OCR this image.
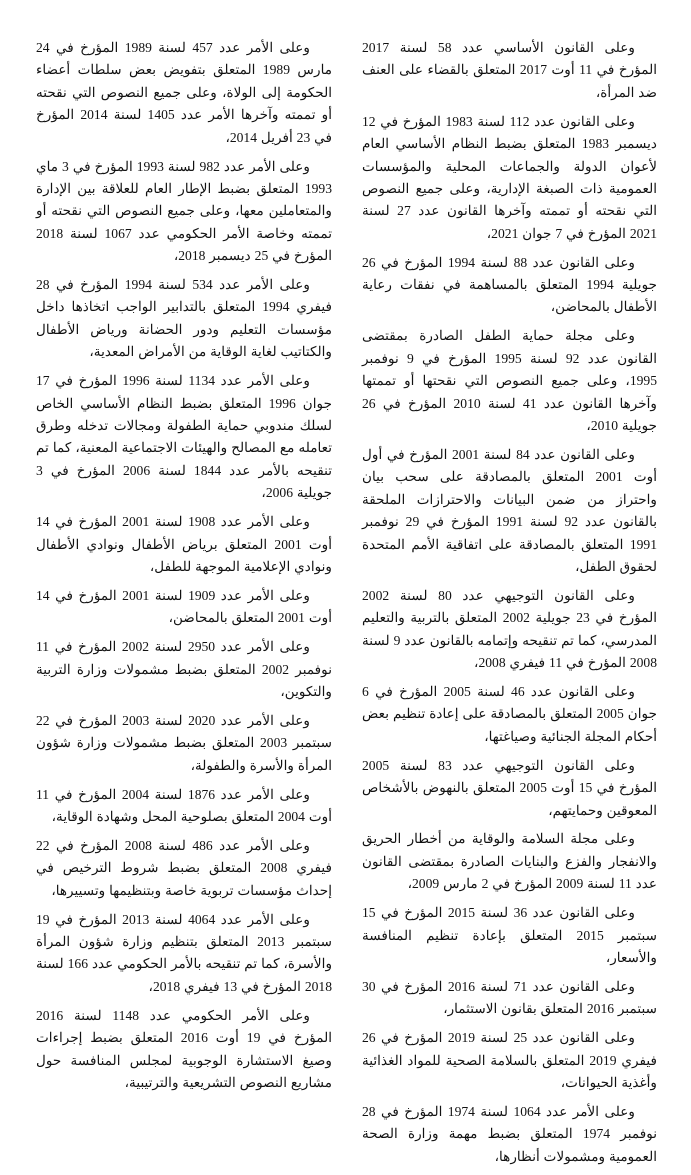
وعلى القانون الأساسي عدد 58 لسنة 2017 المؤرخ في 11 أوت 2017 المتعلق بالقضاء على العنف ضد المرأة،

وعلى القانون عدد 112 لسنة 1983 المؤرخ في 12 ديسمبر 1983 المتعلق بضبط النظام الأساسي العام لأعوان الدولة والجماعات المحلية والمؤسسات العمومية ذات الصبغة الإدارية، وعلى جميع النصوص التي نقحته أو تممته وآخرها القانون عدد 27 لسنة 2021 المؤرخ في 7 جوان 2021،

وعلى القانون عدد 88 لسنة 1994 المؤرخ في 26 جويلية 1994 المتعلق بالمساهمة في نفقات رعاية الأطفال بالمحاضن،

وعلى مجلة حماية الطفل الصادرة بمقتضى القانون عدد 92 لسنة 1995 المؤرخ في 9 نوفمبر 1995، وعلى جميع النصوص التي نقحتها أو تممتها وآخرها القانون عدد 41 لسنة 2010 المؤرخ في 26 جويلية 2010،

وعلى القانون عدد 84 لسنة 2001 المؤرخ في أول أوت 2001 المتعلق بالمصادقة على سحب بيان واحتراز من ضمن البيانات والاحترازات الملحقة بالقانون عدد 92 لسنة 1991 المؤرخ في 29 نوفمبر 1991 المتعلق بالمصادقة على اتفاقية الأمم المتحدة لحقوق الطفل،

وعلى القانون التوجيهي عدد 80 لسنة 2002 المؤرخ في 23 جويلية 2002 المتعلق بالتربية والتعليم المدرسي، كما تم تنقيحه وإتمامه بالقانون عدد 9 لسنة 2008 المؤرخ في 11 فيفري 2008،

وعلى القانون عدد 46 لسنة 2005 المؤرخ في 6 جوان 2005 المتعلق بالمصادقة على إعادة تنظيم بعض أحكام المجلة الجنائية وصياغتها،

وعلى القانون التوجيهي عدد 83 لسنة 2005 المؤرخ في 15 أوت 2005 المتعلق بالنهوض بالأشخاص المعوقين وحمايتهم،

وعلى مجلة السلامة والوقاية من أخطار الحريق والانفجار والفزع والبنايات الصادرة بمقتضى القانون عدد 11 لسنة 2009 المؤرخ في 2 مارس 2009،

وعلى القانون عدد 36 لسنة 2015 المؤرخ في 15 سبتمبر 2015 المتعلق بإعادة تنظيم المنافسة والأسعار،

وعلى القانون عدد 71 لسنة 2016 المؤرخ في 30 سبتمبر 2016 المتعلق بقانون الاستثمار،

وعلى القانون عدد 25 لسنة 2019 المؤرخ في 26 فيفري 2019 المتعلق بالسلامة الصحية للمواد الغذائية وأغذية الحيوانات،

وعلى الأمر عدد 1064 لسنة 1974 المؤرخ في 28 نوفمبر 1974 المتعلق بضبط مهمة وزارة الصحة العمومية ومشمولات أنظارها،

وعلى الأمر عدد 457 لسنة 1989 المؤرخ في 24 مارس 1989 المتعلق بتفويض بعض سلطات أعضاء الحكومة إلى الولاة، وعلى جميع النصوص التي نقحته أو تممته وآخرها الأمر عدد 1405 لسنة 2014 المؤرخ في 23 أفريل 2014،

وعلى الأمر عدد 982 لسنة 1993 المؤرخ في 3 ماي 1993 المتعلق بضبط الإطار العام للعلاقة بين الإدارة والمتعاملين معها، وعلى جميع النصوص التي نقحته أو تممته وخاصة الأمر الحكومي عدد 1067 لسنة 2018 المؤرخ في 25 ديسمبر 2018،

وعلى الأمر عدد 534 لسنة 1994 المؤرخ في 28 فيفري 1994 المتعلق بالتدابير الواجب اتخاذها داخل مؤسسات التعليم ودور الحضانة ورياض الأطفال والكتاتيب لغاية الوقاية من الأمراض المعدية،

وعلى الأمر عدد 1134 لسنة 1996 المؤرخ في 17 جوان 1996 المتعلق بضبط النظام الأساسي الخاص لسلك مندوبي حماية الطفولة ومجالات تدخله وطرق تعامله مع المصالح والهيئات الاجتماعية المعنية، كما تم تنقيحه بالأمر عدد 1844 لسنة 2006 المؤرخ في 3 جويلية 2006،

وعلى الأمر عدد 1908 لسنة 2001 المؤرخ في 14 أوت 2001 المتعلق برياض الأطفال ونوادي الأطفال ونوادي الإعلامية الموجهة للطفل،

وعلى الأمر عدد 1909 لسنة 2001 المؤرخ في 14 أوت 2001 المتعلق بالمحاضن،

وعلى الأمر عدد 2950 لسنة 2002 المؤرخ في 11 نوفمبر 2002 المتعلق بضبط مشمولات وزارة التربية والتكوين،

وعلى الأمر عدد 2020 لسنة 2003 المؤرخ في 22 سبتمبر 2003 المتعلق بضبط مشمولات وزارة شؤون المرأة والأسرة والطفولة،

وعلى الأمر عدد 1876 لسنة 2004 المؤرخ في 11 أوت 2004 المتعلق بصلوحية المحل وشهادة الوقاية،

وعلى الأمر عدد 486 لسنة 2008 المؤرخ في 22 فيفري 2008 المتعلق بضبط شروط الترخيص في إحداث مؤسسات تربوية خاصة وبتنظيمها وتسييرها،

وعلى الأمر عدد 4064 لسنة 2013 المؤرخ في 19 سبتمبر 2013 المتعلق بتنظيم وزارة شؤون المرأة والأسرة، كما تم تنقيحه بالأمر الحكومي عدد 166 لسنة 2018 المؤرخ في 13 فيفري 2018،

وعلى الأمر الحكومي عدد 1148 لسنة 2016 المؤرخ في 19 أوت 2016 المتعلق بضبط إجراءات وصيغ الاستشارة الوجوبية لمجلس المنافسة حول مشاريع النصوص التشريعية والترتيبية،
